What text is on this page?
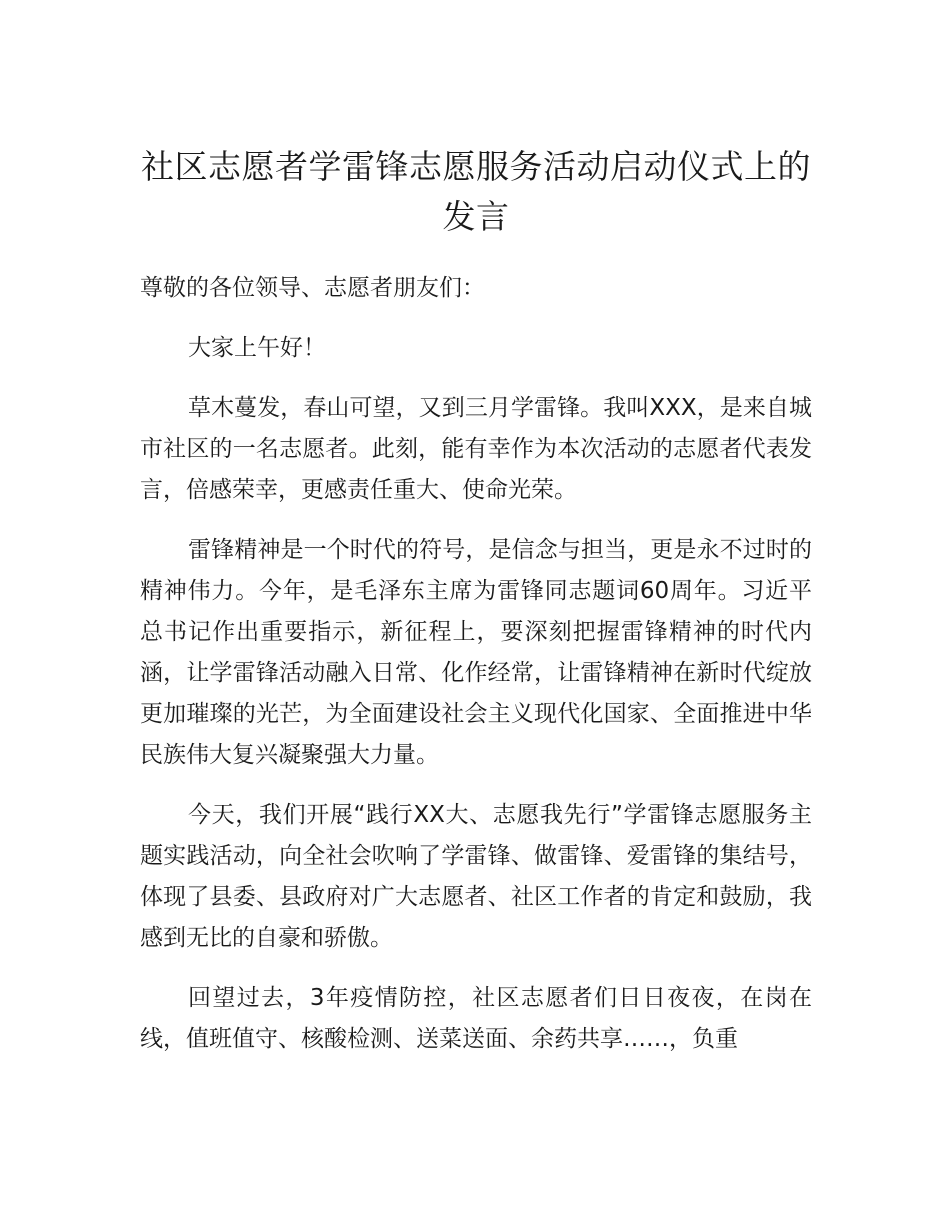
社区志愿者学雷锋志愿服务活动启动仪式上的发言

尊敬的各位领导、志愿者朋友们：

大家上午好！

草木蔓发，春山可望，又到三月学雷锋。我叫XXX，是来自城市社区的一名志愿者。此刻，能有幸作为本次活动的志愿者代表发言，倍感荣幸，更感责任重大、使命光荣。

雷锋精神是一个时代的符号，是信念与担当，更是永不过时的精神伟力。今年，是毛泽东主席为雷锋同志题词60周年。习近平总书记作出重要指示，新征程上，要深刻把握雷锋精神的时代内涵，让学雷锋活动融入日常、化作经常，让雷锋精神在新时代绽放更加璀璨的光芒，为全面建设社会主义现代化国家、全面推进中华民族伟大复兴凝聚强大力量。

今天，我们开展“践行XX大、志愿我先行”学雷锋志愿服务主题实践活动，向全社会吹响了学雷锋、做雷锋、爱雷锋的集结号，体现了县委、县政府对广大志愿者、社区工作者的肯定和鼓励，我感到无比的自豪和骄傲。

回望过去，3年疫情防控，社区志愿者们日日夜夜，在岗在线，值班值守、核酸检测、送菜送面、余药共享……，负重
